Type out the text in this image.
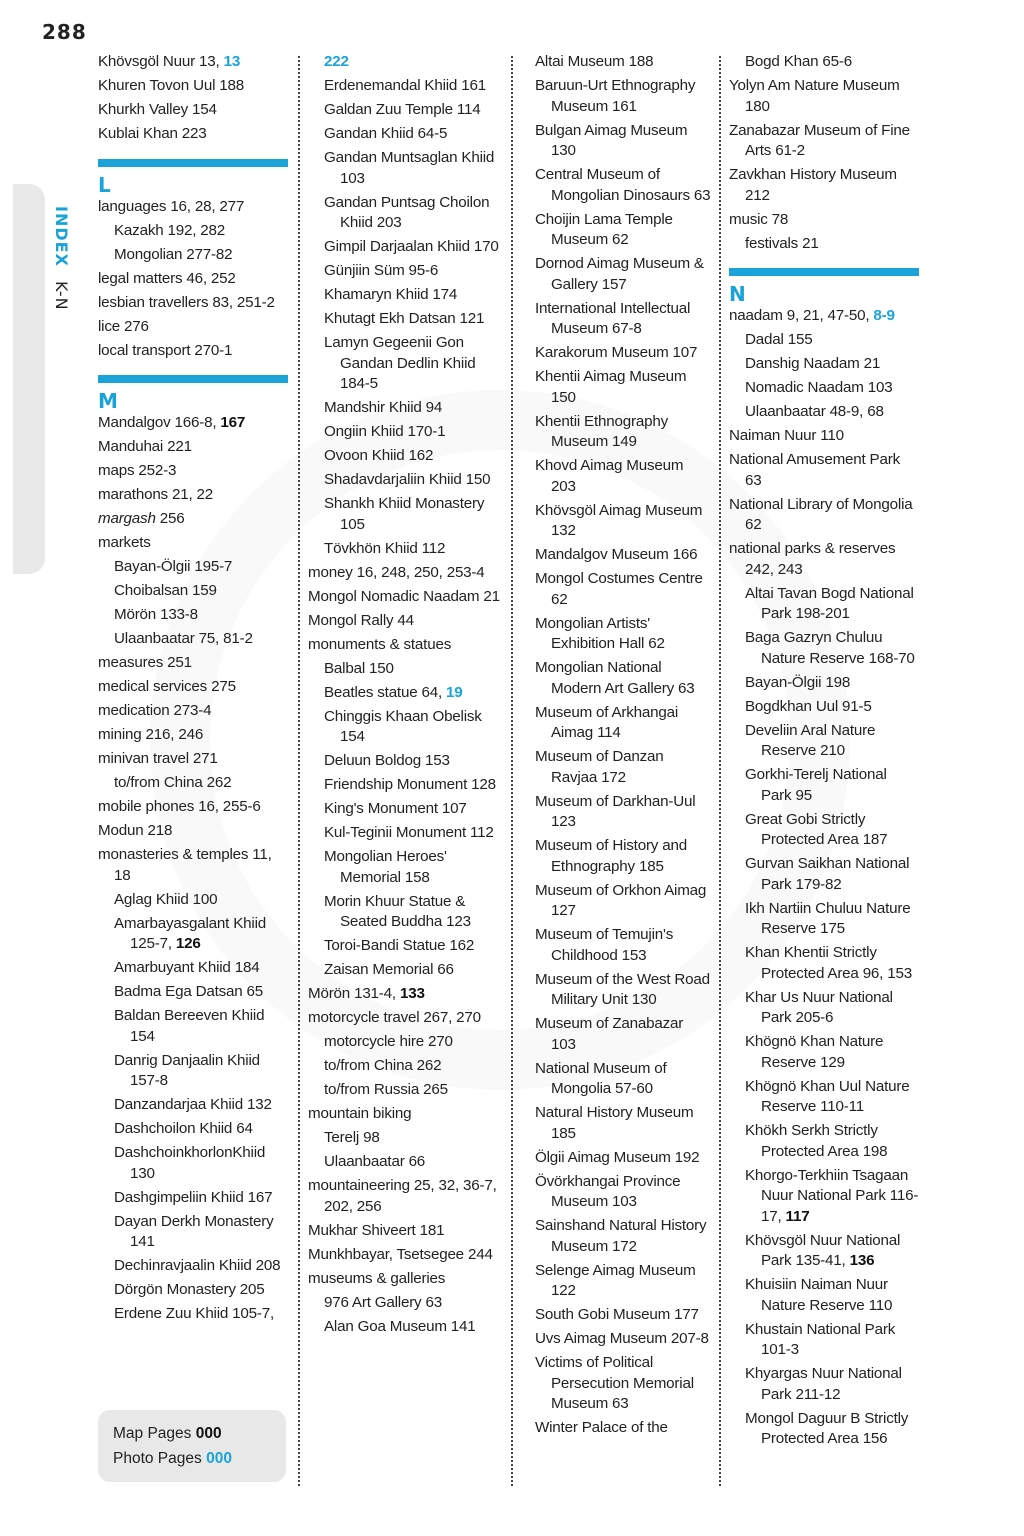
288
INDEX K-N
Khövsgöl Nuur 13, 13
Khuren Tovon Uul 188
Khurkh Valley 154
Kublai Khan 223
L
languages 16, 28, 277
Kazakh 192, 282
Mongolian 277-82
legal matters 46, 252
lesbian travellers 83, 251-2
lice 276
local transport 270-1
M
Mandalgov 166-8, 167
Manduhai 221
maps 252-3
marathons 21, 22
margash 256
markets
Bayan-Ölgii 195-7
Choibalsan 159
Mörön 133-8
Ulaanbaatar 75, 81-2
measures 251
medical services 275
medication 273-4
mining 216, 246
minivan travel 271
to/from China 262
mobile phones 16, 255-6
Modun 218
monasteries & temples 11, 18
Aglag Khiid 100
Amarbayasgalant Khiid 125-7, 126
Amarbuyant Khiid 184
Badma Ega Datsan 65
Baldan Bereeven Khiid 154
Danrig Danjaalin Khiid 157-8
Danzandarjaa Khiid 132
Dashchoilon Khiid 64
DashchoinkhorlonKhiid 130
Dashgimpeliin Khiid 167
Dayan Derkh Monastery 141
Dechinravjaalin Khiid 208
Dörgön Monastery 205
Erdene Zuu Khiid 105-7,
222
Erdenemandal Khiid 161
Galdan Zuu Temple 114
Gandan Khiid 64-5
Gandan Muntsaglan Khiid 103
Gandan Puntsag Choilon Khiid 203
Gimpil Darjaalan Khiid 170
Günjiin Süm 95-6
Khamaryn Khiid 174
Khutagt Ekh Datsan 121
Lamyn Gegeenii Gon Gandan Dedlin Khiid 184-5
Mandshir Khiid 94
Ongiin Khiid 170-1
Ovoon Khiid 162
Shadavdarjaliin Khiid 150
Shankh Khiid Monastery 105
Tövkhön Khiid 112
money 16, 248, 250, 253-4
Mongol Nomadic Naadam 21
Mongol Rally 44
monuments & statues
Balbal 150
Beatles statue 64, 19
Chinggis Khaan Obelisk 154
Deluun Boldog 153
Friendship Monument 128
King's Monument 107
Kul-Teginii Monument 112
Mongolian Heroes' Memorial 158
Morin Khuur Statue & Seated Buddha 123
Toroi-Bandi Statue 162
Zaisan Memorial 66
Mörön 131-4, 133
motorcycle travel 267, 270
motorcycle hire 270
to/from China 262
to/from Russia 265
mountain biking
Terelj 98
Ulaanbaatar 66
mountaineering 25, 32, 36-7, 202, 256
Mukhar Shiveert 181
Munkhbayar, Tsetsegee 244
museums & galleries
976 Art Gallery 63
Alan Goa Museum 141
Altai Museum 188
Baruun-Urt Ethnography Museum 161
Bulgan Aimag Museum 130
Central Museum of Mongolian Dinosaurs 63
Choijin Lama Temple Museum 62
Dornod Aimag Museum & Gallery 157
International Intellectual Museum 67-8
Karakorum Museum 107
Khentii Aimag Museum 150
Khentii Ethnography Museum 149
Khovd Aimag Museum 203
Khövsgöl Aimag Museum 132
Mandalgov Museum 166
Mongol Costumes Centre 62
Mongolian Artists' Exhibition Hall 62
Mongolian National Modern Art Gallery 63
Museum of Arkhangai Aimag 114
Museum of Danzan Ravjaa 172
Museum of Darkhan-Uul 123
Museum of History and Ethnography 185
Museum of Orkhon Aimag 127
Museum of Temujin's Childhood 153
Museum of the West Road Military Unit 130
Museum of Zanabazar 103
National Museum of Mongolia 57-60
Natural History Museum 185
Ölgii Aimag Museum 192
Övörkhangai Province Museum 103
Sainshand Natural History Museum 172
Selenge Aimag Museum 122
South Gobi Museum 177
Uvs Aimag Museum 207-8
Victims of Political Persecution Memorial Museum 63
Winter Palace of the
Bogd Khan 65-6
Yolyn Am Nature Museum 180
Zanabazar Museum of Fine Arts 61-2
Zavkhan History Museum 212
music 78
festivals 21
N
naadam 9, 21, 47-50, 8-9
Dadal 155
Danshig Naadam 21
Nomadic Naadam 103
Ulaanbaatar 48-9, 68
Naiman Nuur 110
National Amusement Park 63
National Library of Mongolia 62
national parks & reserves 242, 243
Altai Tavan Bogd National Park 198-201
Baga Gazryn Chuluu Nature Reserve 168-70
Bayan-Ölgii 198
Bogdkhan Uul 91-5
Develiin Aral Nature Reserve 210
Gorkhi-Terelj National Park 95
Great Gobi Strictly Protected Area 187
Gurvan Saikhan National Park 179-82
Ikh Nartiin Chuluu Nature Reserve 175
Khan Khentii Strictly Protected Area 96, 153
Khar Us Nuur National Park 205-6
Khögnö Khan Nature Reserve 129
Khögnö Khan Uul Nature Reserve 110-11
Khökh Serkh Strictly Protected Area 198
Khorgo-Terkhiin Tsagaan Nuur National Park 116-17, 117
Khövsgöl Nuur National Park 135-41, 136
Khuisiin Naiman Nuur Nature Reserve 110
Khustain National Park 101-3
Khyargas Nuur National Park 211-12
Mongol Daguur B Strictly Protected Area 156
Map Pages 000
Photo Pages 000
